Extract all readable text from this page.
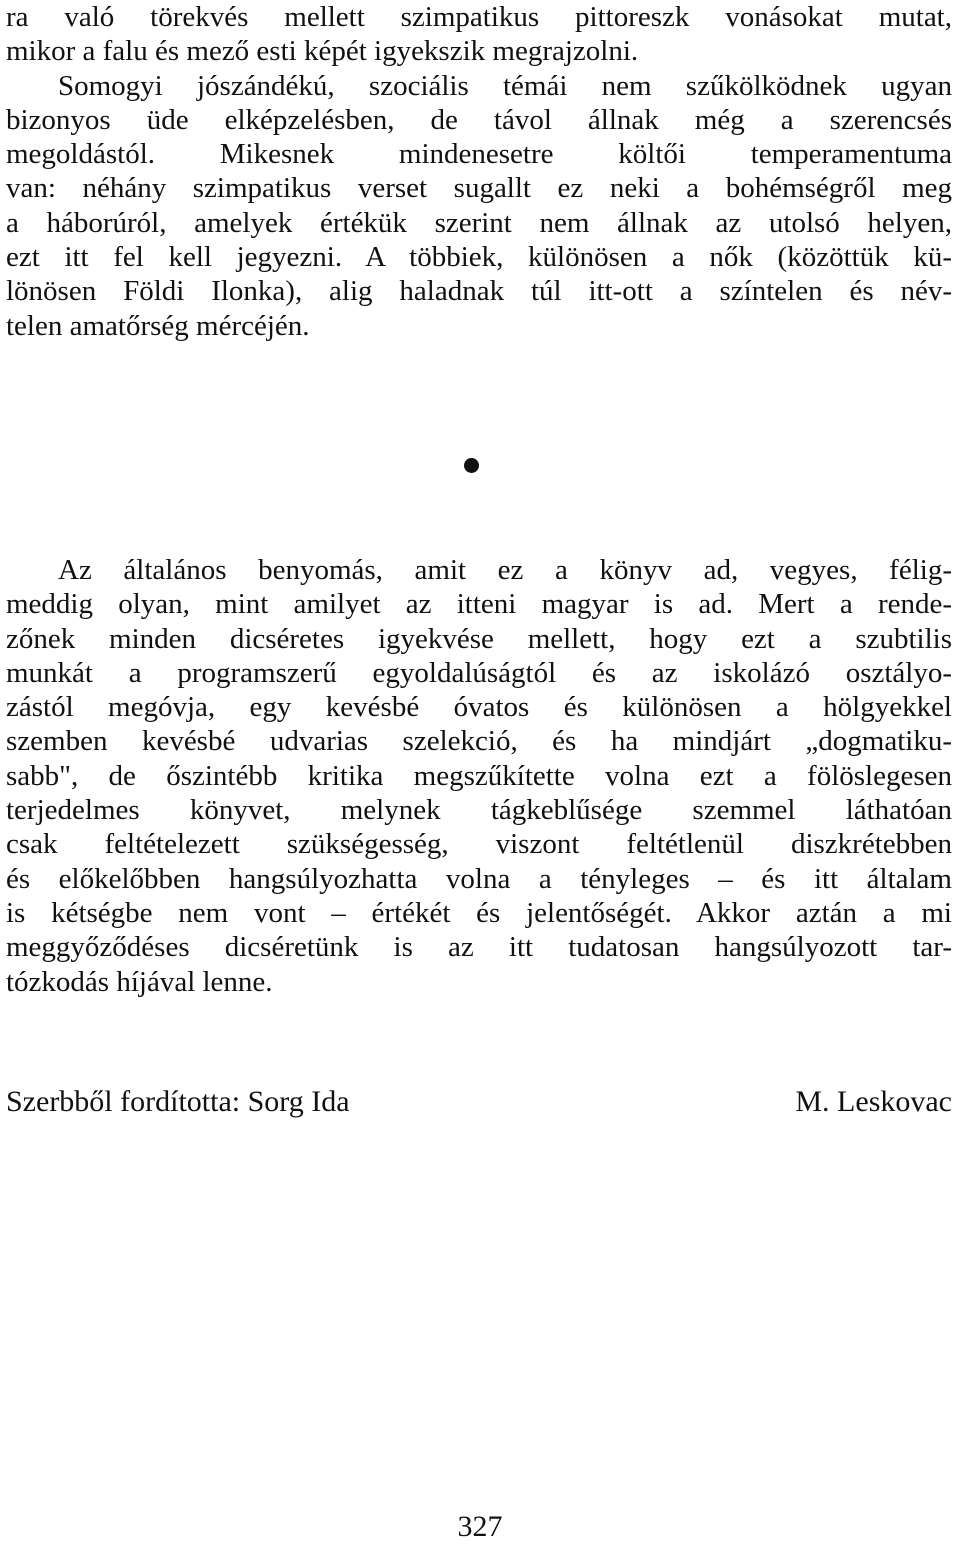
ra való törekvés mellett szimpatikus pittoreszk vonásokat mutat,
mikor a falu és mező esti képét igyekszik megrajzolni.
Somogyi jószándékú, szociális témái nem szűkölködnek ugyan
bizonyos üde elképzelésben, de távol állnak még a szerencsés
megoldástól. Mikesnek mindenesetre költői temperamentuma
van: néhány szimpatikus verset sugallt ez neki a bohémségről meg
a háborúról, amelyek értékük szerint nem állnak az utolsó helyen,
ezt itt fel kell jegyezni. A többiek, különösen a nők (közöttük kü-
lönösen Földi Ilonka), alig haladnak túl itt-ott a színtelen és név-
telen amatőrség mércéjén.
Az általános benyomás, amit ez a könyv ad, vegyes, félig-
meddig olyan, mint amilyet az itteni magyar is ad. Mert a rende-
zőnek minden dicséretes igyekvése mellett, hogy ezt a szubtilis
munkát a programszerű egyoldalúságtól és az iskolázó osztályo-
zástól megóvja, egy kevésbé óvatos és különösen a hölgyekkel
szemben kevésbé udvarias szelekció, és ha mindjárt „dogmatiku-
sabb", de őszintébb kritika megszűkítette volna ezt a fölöslegesen
terjedelmes könyvet, melynek tágkeblűsége szemmel láthatóan
csak feltételezett szükségesség, viszont feltétlenül diszkrétebben
és előkelőbben hangsúlyozhatta volna a tényleges – és itt általam
is kétségbe nem vont – értékét és jelentőségét. Akkor aztán a mi
meggyőződéses dicséretünk is az itt tudatosan hangsúlyozott tar-
tózkodás híjával lenne.
Szerbből fordította: Sorg Ida	M. Leskovac
327
